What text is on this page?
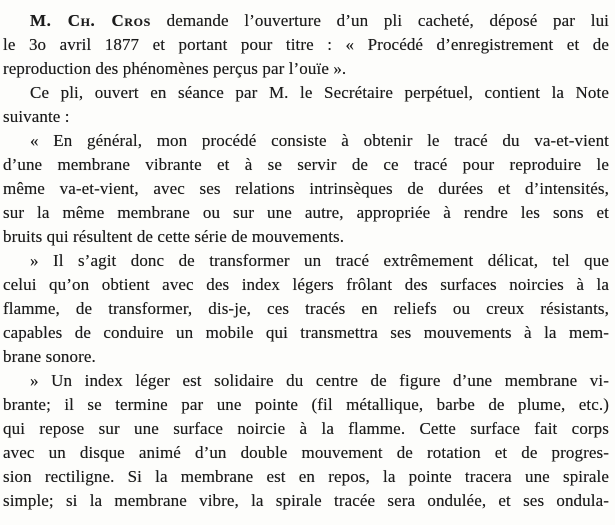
M. Ch. Cros demande l’ouverture d’un pli cacheté, déposé par lui
le 3o avril 1877 et portant pour titre : « Procédé d’enregistrement et de
reproduction des phénomènes perçus par l’ouïe ».
Ce pli, ouvert en séance par M. le Secrétaire perpétuel, contient la Note
suivante :
« En général, mon procédé consiste à obtenir le tracé du va-et-vient
d’une membrane vibrante et à se servir de ce tracé pour reproduire le
même va-et-vient, avec ses relations intrinsèques de durées et d’intensités,
sur la même membrane ou sur une autre, appropriée à rendre les sons et
bruits qui résultent de cette série de mouvements.
» Il s’agit donc de transformer un tracé extrêmement délicat, tel que
celui qu’on obtient avec des index légers frôlant des surfaces noircies à la
flamme, de transformer, dis-je, ces tracés en reliefs ou creux résistants,
capables de conduire un mobile qui transmettra ses mouvements à la mem-
brane sonore.
» Un index léger est solidaire du centre de figure d’une membrane vi-
brante; il se termine par une pointe (fil métallique, barbe de plume, etc.)
qui repose sur une surface noircie à la flamme. Cette surface fait corps
avec un disque animé d’un double mouvement de rotation et de progres-
sion rectiligne. Si la membrane est en repos, la pointe tracera une spirale
simple; si la membrane vibre, la spirale tracée sera ondulée, et ses ondula-
